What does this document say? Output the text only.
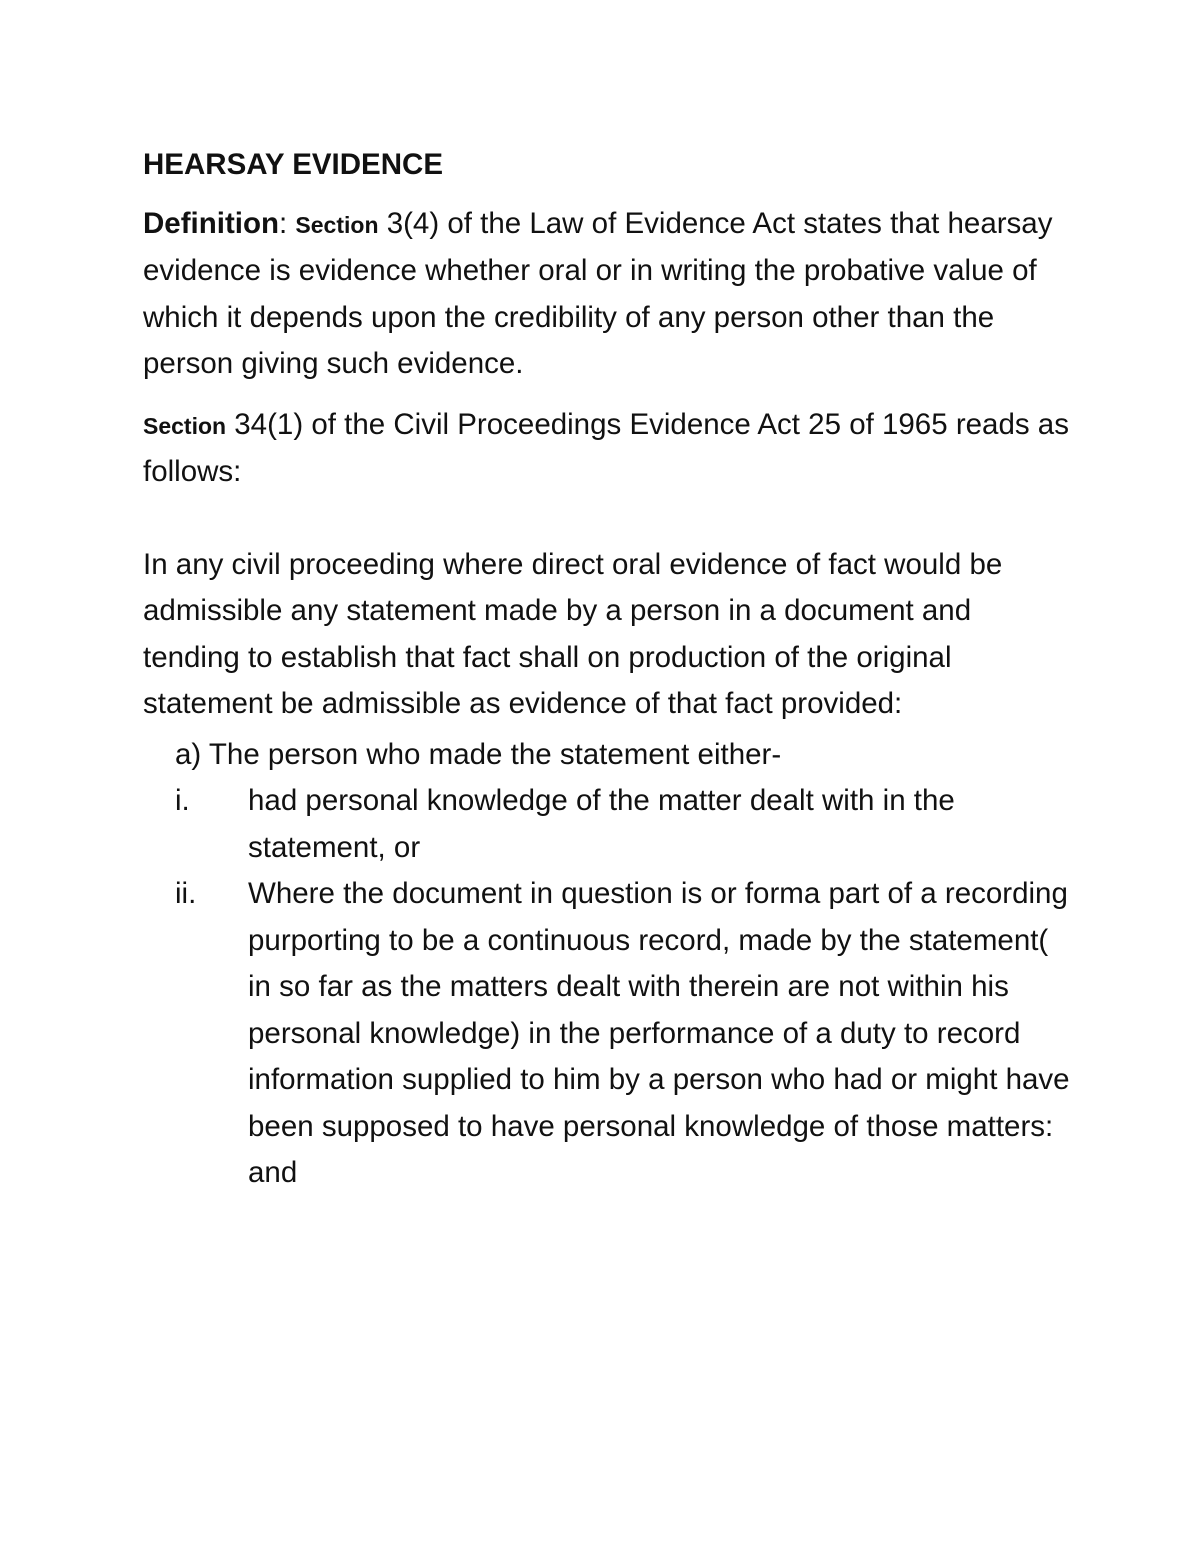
HEARSAY EVIDENCE

Definition: Section 3(4) of the Law of Evidence Act states that hearsay evidence is evidence whether oral or in writing the probative value of which it depends upon the credibility of any person other than the person giving such evidence.

Section 34(1) of the Civil Proceedings Evidence Act 25 of 1965 reads as follows:

In any civil proceeding where direct oral evidence of fact would be admissible any statement made by a person in a document and tending to establish that fact shall on production of the original statement be admissible as evidence of that fact provided:

a) The person who made the statement either-

i.	had personal knowledge of the matter dealt with in the statement, or
ii.	Where the document in question is or forma part of a recording purporting to be a continuous record, made by the statement( in so far as the matters dealt with therein are not within his personal knowledge) in the performance of a duty to record information supplied to him by a person who had or might have been supposed to have personal knowledge of those matters: and
